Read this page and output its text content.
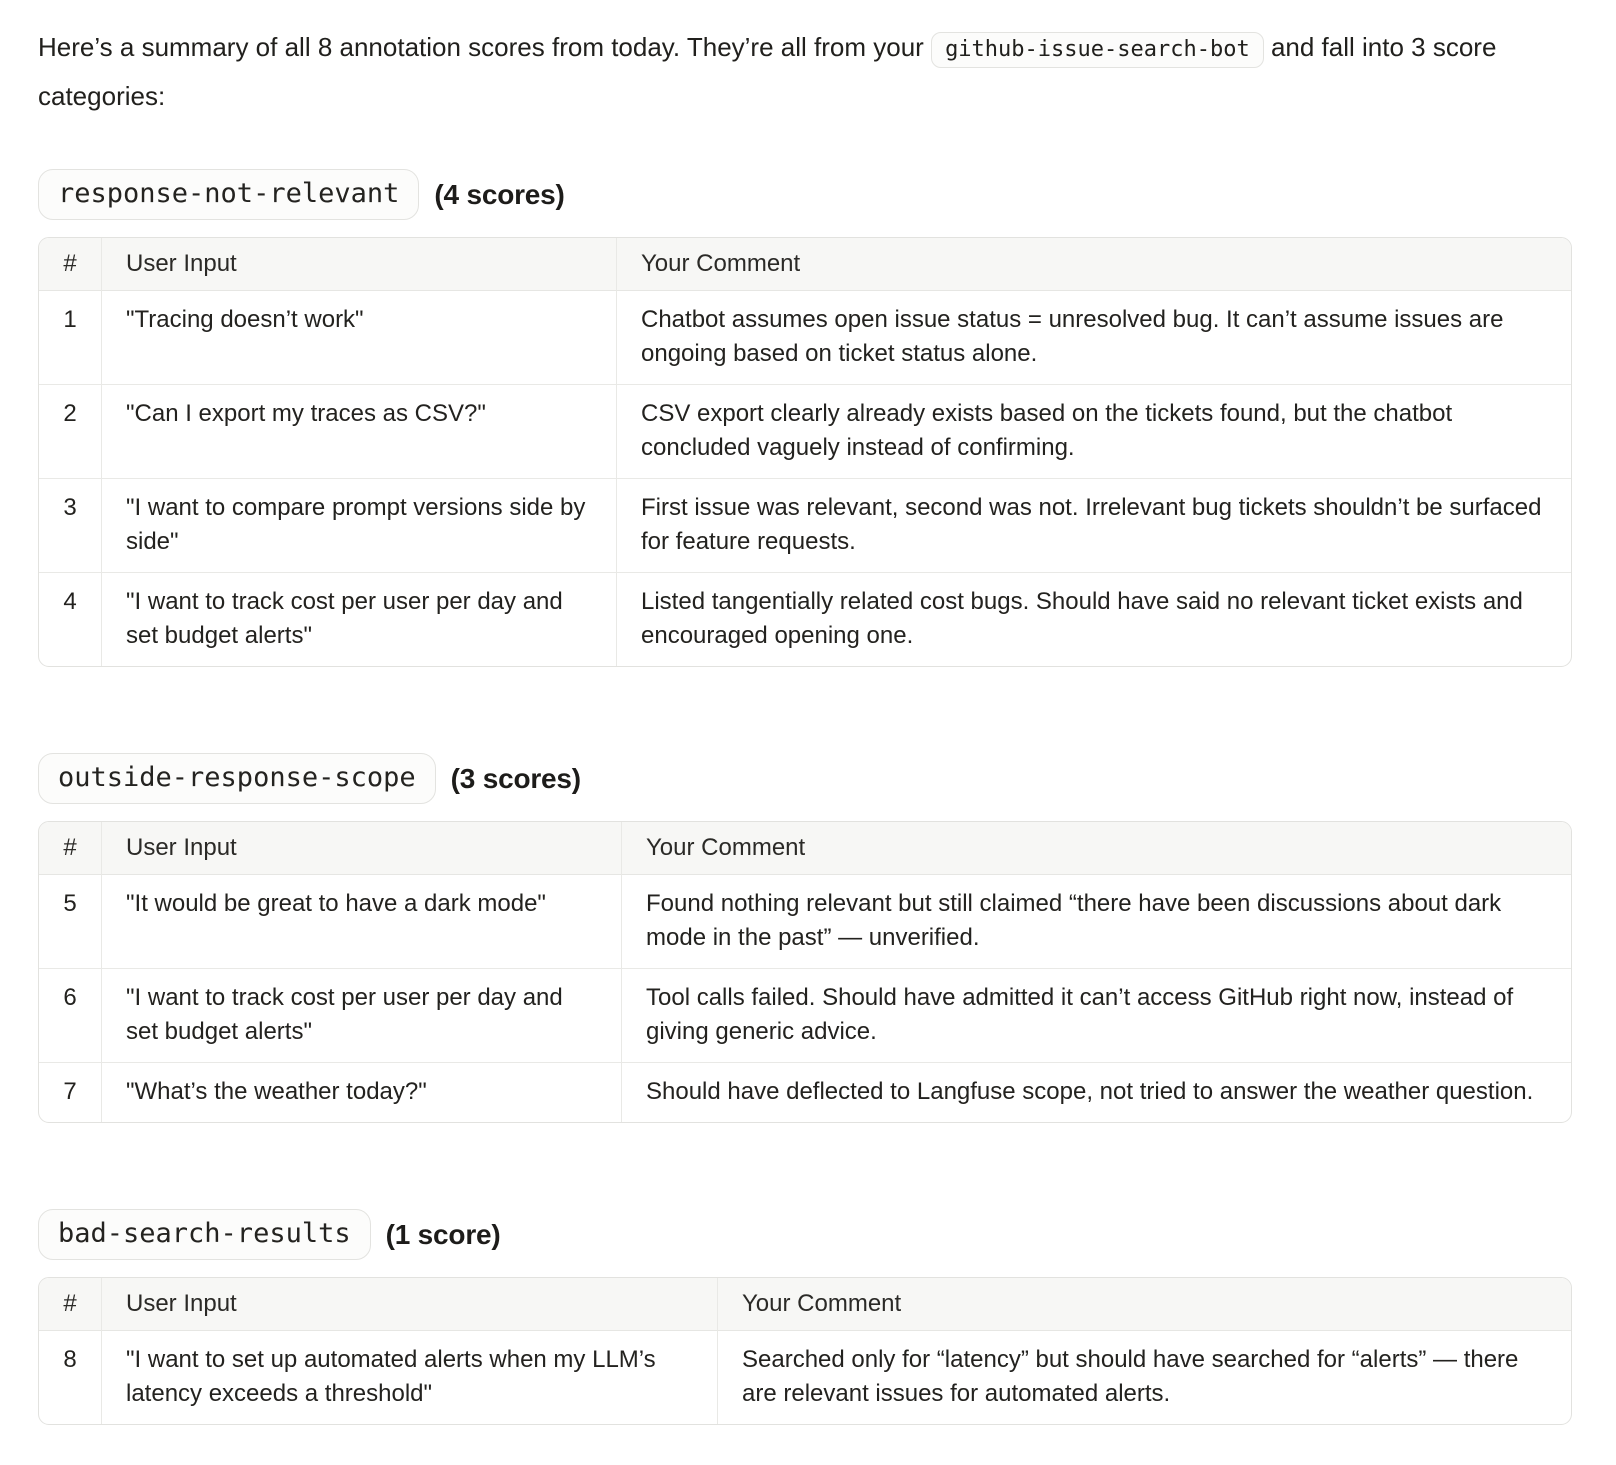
Here’s a summary of all 8 annotation scores from today. They’re all from your github-issue-search-bot and fall into 3 score categories:

response-not-relevant	(4 scores)
#	User Input	Your Comment
1	"Tracing doesn’t work"	Chatbot assumes open issue status = unresolved bug. It can’t assume issues are ongoing based on ticket status alone.
2	"Can I export my traces as CSV?"	CSV export clearly already exists based on the tickets found, but the chatbot concluded vaguely instead of confirming.
3	"I want to compare prompt versions side by side"	First issue was relevant, second was not. Irrelevant bug tickets shouldn’t be surfaced for feature requests.
4	"I want to track cost per user per day and set budget alerts"	Listed tangentially related cost bugs. Should have said no relevant ticket exists and encouraged opening one.
outside-response-scope	(3 scores)
#	User Input	Your Comment
5	"It would be great to have a dark mode"	Found nothing relevant but still claimed “there have been discussions about dark mode in the past” — unverified.
6	"I want to track cost per user per day and set budget alerts"	Tool calls failed. Should have admitted it can’t access GitHub right now, instead of giving generic advice.
7	"What’s the weather today?"	Should have deflected to Langfuse scope, not tried to answer the weather question.
bad-search-results	(1 score)
#	User Input	Your Comment
8	"I want to set up automated alerts when my LLM’s latency exceeds a threshold"	Searched only for “latency” but should have searched for “alerts” — there are relevant issues for automated alerts.
